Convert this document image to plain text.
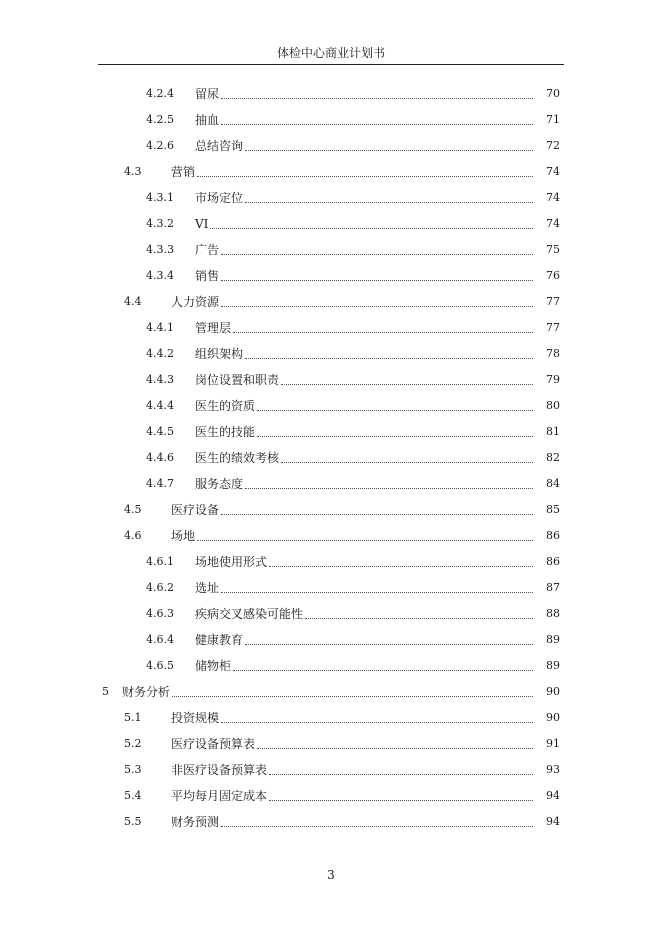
体检中心商业计划书
4.2.4 留尿	70
4.2.5 抽血	71
4.2.6 总结咨询	72
4.3 营销	74
4.3.1 市场定位	74
4.3.2 VI	74
4.3.3 广告	75
4.3.4 销售	76
4.4 人力资源	77
4.4.1 管理层	77
4.4.2 组织架构	78
4.4.3 岗位设置和职责	79
4.4.4 医生的资质	80
4.4.5 医生的技能	81
4.4.6 医生的绩效考核	82
4.4.7 服务态度	84
4.5 医疗设备	85
4.6 场地	86
4.6.1 场地使用形式	86
4.6.2 选址	87
4.6.3 疾病交叉感染可能性	88
4.6.4 健康教育	89
4.6.5 储物柜	89
5 财务分析	90
5.1 投资规模	90
5.2 医疗设备预算表	91
5.3 非医疗设备预算表	93
5.4 平均每月固定成本	94
5.5 财务预测	94
3
